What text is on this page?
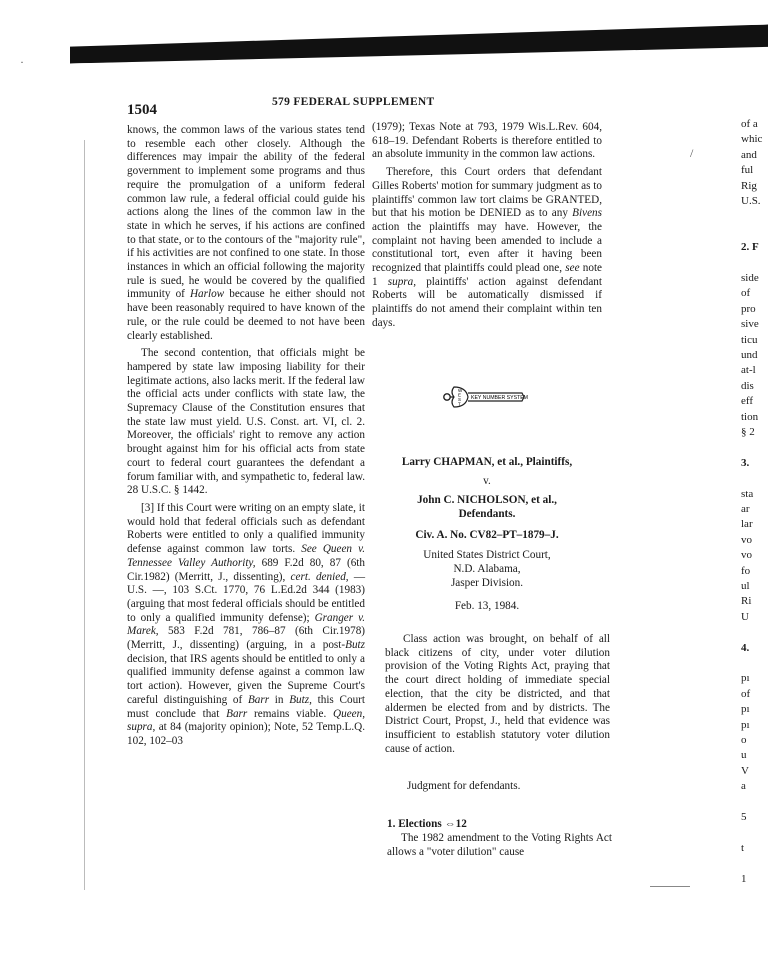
·
/
1504	579 FEDERAL SUPPLEMENT

knows, the common laws of the various states tend to resemble each other closely. Although the differences may impair the ability of the federal government to implement some programs and thus require the promulgation of a uniform federal common law rule, a federal official could guide his actions along the lines of the common law in the state in which he serves, if his actions are confined to that state, or to the contours of the "majority rule", if his activities are not confined to one state. In those instances in which an official following the majority rule is sued, he would be covered by the qualified immunity of Harlow because he either should not have been reasonably required to have known of the rule, or the rule could be deemed to not have been clearly established.

The second contention, that officials might be hampered by state law imposing liability for their legitimate actions, also lacks merit. If the federal law the official acts under conflicts with state law, the Supremacy Clause of the Constitution ensures that the state law must yield. U.S. Const. art. VI, cl. 2. Moreover, the officials' right to remove any action brought against him for his official acts from state court to federal court guarantees the defendant a forum familiar with, and sympathetic to, federal law. 28 U.S.C. § 1442.

[3] If this Court were writing on an empty slate, it would hold that federal officials such as defendant Roberts were entitled to only a qualified immunity defense against common law torts. See Queen v. Tennessee Valley Authority, 689 F.2d 80, 87 (6th Cir.1982) (Merritt, J., dissenting), cert. denied, — U.S. —, 103 S.Ct. 1770, 76 L.Ed.2d 344 (1983) (arguing that most federal officials should be entitled to only a qualified immunity defense); Granger v. Marek, 583 F.2d 781, 786–87 (6th Cir.1978) (Merritt, J., dissenting) (arguing, in a post-Butz decision, that IRS agents should be entitled to only a qualified immunity defense against a common law tort action). However, given the Supreme Court's careful distinguishing of Barr in Butz, this Court must conclude that Barr remains viable. Queen, supra, at 84 (majority opinion); Note, 52 Temp.L.Q. 102, 102–03

(1979); Texas Note at 793, 1979 Wis.L.Rev. 604, 618–19. Defendant Roberts is therefore entitled to an absolute immunity in the common law actions.

Therefore, this Court orders that defendant Gilles Roberts' motion for summary judgment as to plaintiffs' common law tort claims be GRANTED, but that his motion be DENIED as to any Bivens action the plaintiffs may have. However, the complaint not having been amended to include a constitutional tort, even after it having been recognized that plaintiffs could plead one, see note 1 supra, plaintiffs' action against defendant Roberts will be automatically dismissed if plaintiffs do not amend their complaint within ten days.

W
E
S
T
KEY NUMBER SYSTEM
Larry CHAPMAN, et al., Plaintiffs,
v.
John C. NICHOLSON, et al.,
Defendants.
Civ. A. No. CV82–PT–1879–J.
United States District Court,
N.D. Alabama,
Jasper Division.
Feb. 13, 1984.

Class action was brought, on behalf of all black citizens of city, under voter dilution provision of the Voting Rights Act, praying that the court direct holding of immediate special election, that the city be districted, and that aldermen be elected from and by districts. The District Court, Propst, J., held that evidence was insufficient to establish statutory voter dilution cause of action.

Judgment for defendants.
1. Elections ⇔12
The 1982 amendment to the Voting Rights Act allows a "voter dilution" cause
of a
whic
and
ful
Rig
U.S.
2. F
side
of
pro
sive
ticu
und
at-l
dis
eff
tion
§ 2
3.
sta
ar
lar
vo
vo
fo
ul
Ri
U
4.
pı
of
pı
pı
o
u
V
a
5
t
1
